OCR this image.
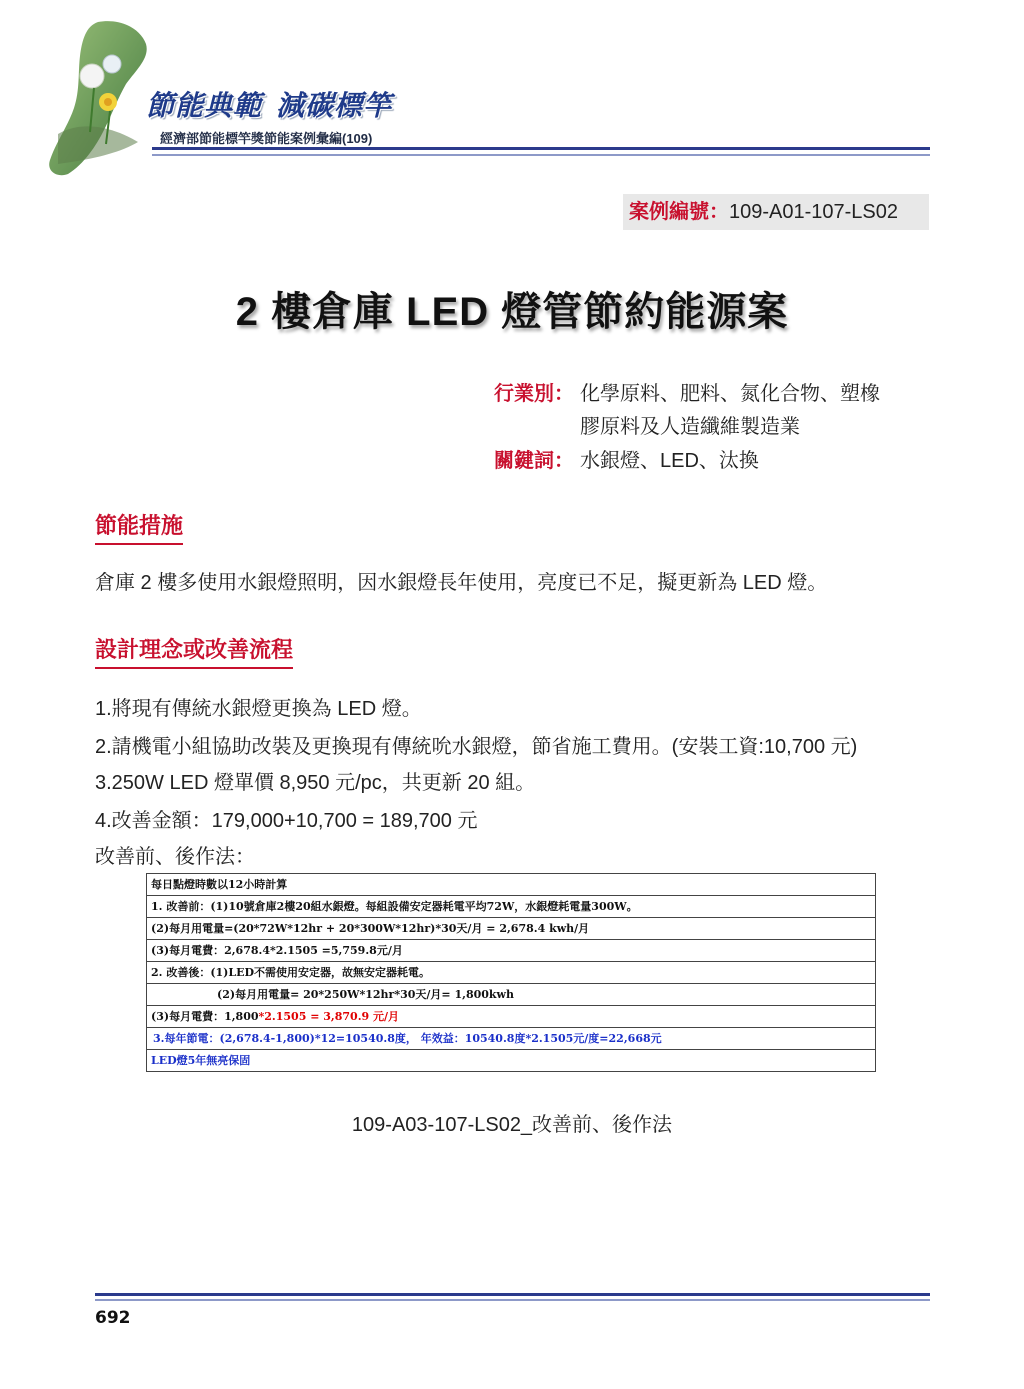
節能典範 減碳標竿
經濟部節能標竿獎節能案例彙編(109)
案例編號：109-A01-107-LS02
2 樓倉庫 LED 燈管節約能源案
行業別： 化學原料、肥料、氮化合物、塑橡
膠原料及人造纖維製造業
關鍵詞： 水銀燈、LED、汰換
節能措施
倉庫 2 樓多使用水銀燈照明，因水銀燈長年使用，亮度已不足，擬更新為 LED 燈。
設計理念或改善流程
1.將現有傳統水銀燈更換為 LED 燈。
2.請機電小組協助改裝及更換現有傳統吮水銀燈，節省施工費用。(安裝工資:10,700 元)
3.250W LED 燈單價 8,950 元/pc，共更新 20 組。
4.改善金額：179,000+10,700 = 189,700 元
改善前、後作法：
每日點燈時數以12小時計算
1. 改善前：(1)10號倉庫2樓20組水銀燈。每組設備安定器耗電平均72W，水銀燈耗電量300W。
(2)每月用電量=(20*72W*12hr + 20*300W*12hr)*30天/月 = 2,678.4 kwh/月
(3)每月電費：2,678.4*2.1505 =5,759.8元/月
2. 改善後：(1)LED不需使用安定器，故無安定器耗電。
(2)每月用電量= 20*250W*12hr*30天/月= 1,800kwh
(3)每月電費：1,800*2.1505 = 3,870.9 元/月
3.每年節電：(2,678.4-1,800)*12=10540.8度， 年效益：10540.8度*2.1505元/度=22,668元
LED燈5年無亮保固
109-A03-107-LS02_改善前、後作法
692
